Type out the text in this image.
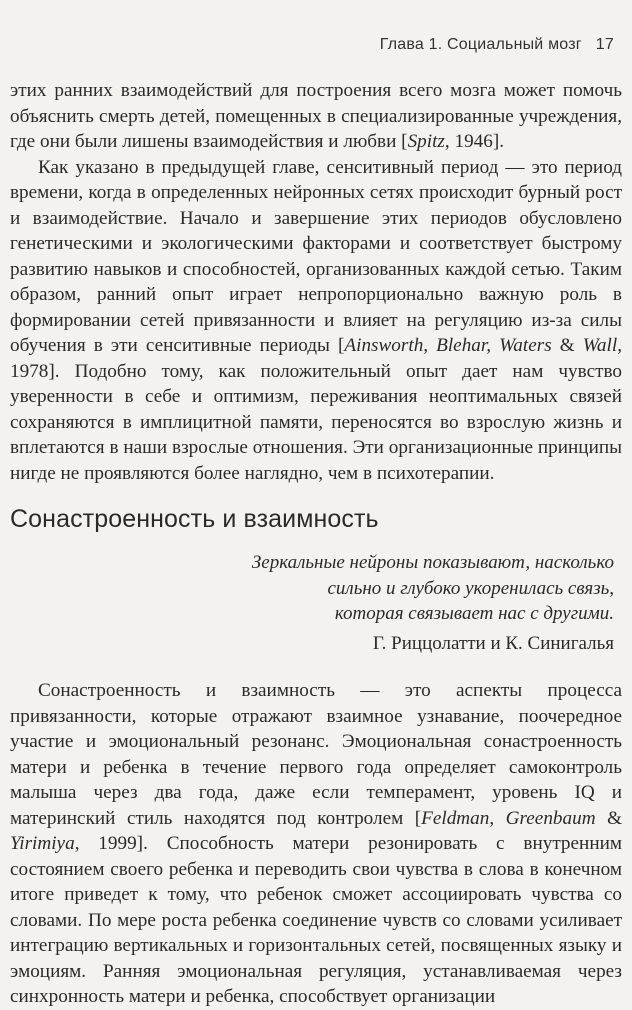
Глава 1. Социальный мозг 17

этих ранних взаимодействий для построения всего мозга может помочь объяснить смерть детей, помещенных в специализированные учреждения, где они были лишены взаимодействия и любви [Spitz, 1946].

Как указано в предыдущей главе, сенситивный период — это период времени, когда в определенных нейронных сетях происходит бурный рост и взаимодействие. Начало и завершение этих периодов обусловлено генетическими и экологическими факторами и соответствует быстрому развитию навыков и способностей, организованных каждой сетью. Таким образом, ранний опыт играет непропорционально важную роль в формировании сетей привязанности и влияет на регуляцию из-за силы обучения в эти сенситивные периоды [Ainsworth, Blehar, Waters & Wall, 1978]. Подобно тому, как положительный опыт дает нам чувство уверенности в себе и оптимизм, переживания неоптимальных связей сохраняются в имплицитной памяти, переносятся во взрослую жизнь и вплетаются в наши взрослые отношения. Эти организационные принципы нигде не проявляются более наглядно, чем в психотерапии.

Сонастроенность и взаимность

Зеркальные нейроны показывают, насколько
сильно и глубоко укоренилась связь,
которая связывает нас с другими.

Г. Риццолатти и К. Синигалья

Сонастроенность и взаимность — это аспекты процесса привязанности, которые отражают взаимное узнавание, поочередное участие и эмоциональный резонанс. Эмоциональная сонастроенность матери и ребенка в течение первого года определяет самоконтроль малыша через два года, даже если темперамент, уровень IQ и материнский стиль находятся под контролем [Feldman, Greenbaum & Yirimiya, 1999]. Способность матери резонировать с внутренним состоянием своего ребенка и переводить свои чувства в слова в конечном итоге приведет к тому, что ребенок сможет ассоциировать чувства со словами. По мере роста ребенка соединение чувств со словами усиливает интеграцию вертикальных и горизонтальных сетей, посвященных языку и эмоциям. Ранняя эмоциональная регуляция, устанавливаемая через синхронность матери и ребенка, способствует организации
